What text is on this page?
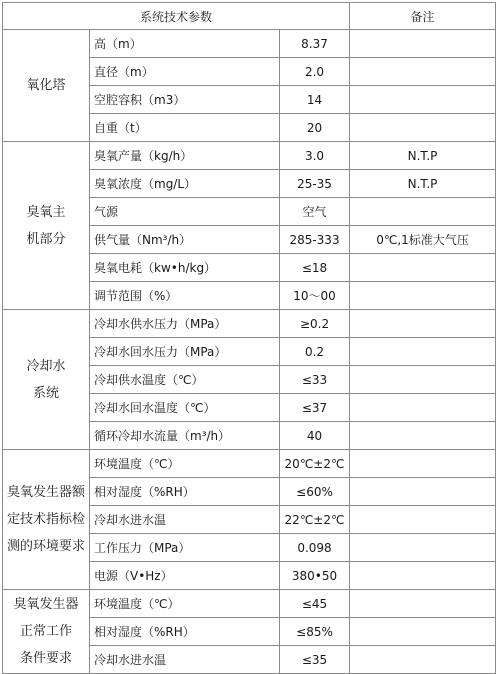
系统技术参数			备注

氧化塔	高（m）	8.37	
	直径（m）	2.0	
	空腔容积（m3）	14	
	自重（t）	20	

臭氧主
机部分	臭氧产量（kg/h）	3.0	N.T.P
	臭氧浓度（mg/L）	25-35	N.T.P
	气源	空气	
	供气量（Nm³/h）	285-333	0℃,1标准大气压
	臭氧电耗（kw•h/kg）	≤18	
	调节范围（%）	10～00	

冷却水
系统	冷却水供水压力（MPa）	≥0.2	
	冷却水回水压力（MPa）	0.2	
	冷却供水温度（℃）	≤33	
	冷却水回水温度（℃）	≤37	
	循环冷却水流量（m³/h）	40	

臭氧发生器额
定技术指标检
测的环境要求	环境温度（℃）	20℃±2℃	
	相对湿度（%RH）	≤60%	
	冷却水进水温	22℃±2℃	
	工作压力（MPa）	0.098	
	电源（V•Hz）	380•50	

臭氧发生器
正常工作
条件要求	环境温度（℃）	≤45	
	相对湿度（%RH）	≤85%	
	冷却水进水温	≤35	
